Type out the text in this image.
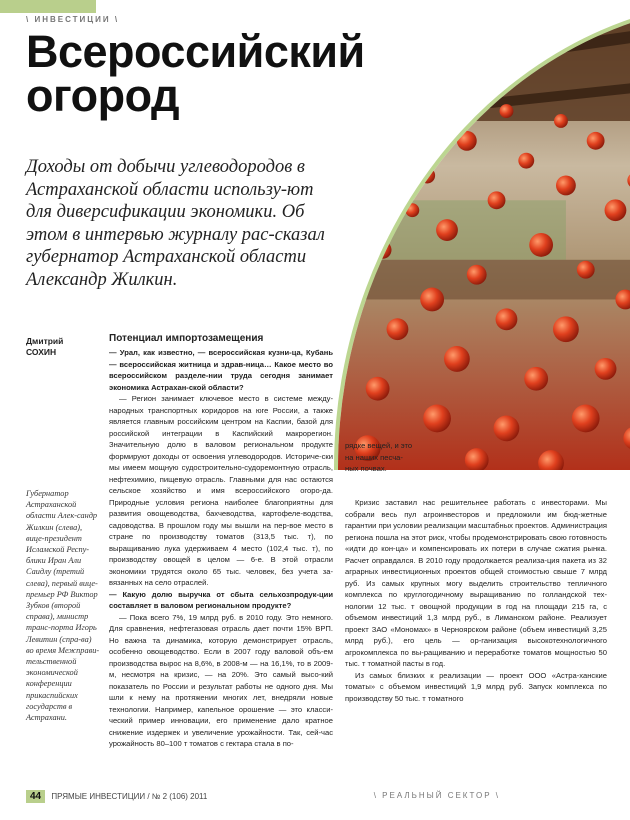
\ ИНВЕСТИЦИИ \
Всероссийский
огород

Доходы от добычи углеводородов в Астраханской области использу-ют для диверсификации экономики. Об этом в интервью журналу рас-сказал губернатор Астраханской области Александр Жилкин.

Дмитрий
СОХИН
Губернатор Астраханской области Алек-сандр Жилкин (слева), вице-президент Исламской Респу-блики Иран Али Саидлу (третий слева), первый вице-премьер РФ Виктор Зубков (второй справа), министр транс-порта Игорь Левитин (спра-ва) во время Межправи-тельственной экономической конференции прикаспийских государств в Астрахани.
Потенциал импортозамещения

— Урал, как известно, — всероссийская кузни-ца, Кубань — всероссийская житница и здрав-ница… Какое место во всероссийском разделе-нии труда сегодня занимает экономика Астрахан-ской области?

— Регион занимает ключевое место в системе между-народных транспортных коридоров на юге России, а также является главным российским центром на Каспии, базой для российской интеграции в Каспийский макрорегион. Значительную долю в валовом региональном продукте формируют доходы от освоения углеводородов. Историче-ски мы имеем мощную судостроительно-судоремонтную отрасль, нефтехимию, пищевую отрасль. Главными для нас остаются сельское хозяйство и имя всероссийского огоро-да. Природные условия региона наиболее благоприятны для развития овощеводства, бахчеводства, картофеле-водства, садоводства. В прошлом году мы вышли на пер-вое место в стране по производству томатов (313,5 тыс. т), по выращиванию лука удерживаем 4 место (102,4 тыс. т), по производству овощей в целом — 6-е. В этой отрасли экономики трудятся около 65 тыс. человек, без учета за-вязанных на село отраслей.

— Какую долю выручка от сбыта сельхозпродук-ции составляет в валовом региональном продукте?

— Пока всего 7%, 19 млрд руб. в 2010 году. Это немного. Для сравнения, нефтегазовая отрасль дает почти 15% ВРП. Но важна та динамика, которую демонстрирует отрасль, особенно овощеводство. Если в 2007 году валовой объ-ем производства вырос на 8,6%, в 2008-м — на 16,1%, то в 2009-м, несмотря на кризис, — на 20%. Это самый высо-кий показатель по России и результат работы не одного дня. Мы шли к нему на протяжении многих лет, внедряли новые технологии. Например, капельное орошение — это класси-ческий пример инновации, его применение дало кратное снижение издержек и увеличение урожайности. Так, сей-час урожайность 80–100 т томатов с гектара стала в по-

рядке вещей, и это на наших песча-ных почвах.

Кризис заставил нас решительнее работать с инвесторами. Мы собрали весь пул агроинвесторов и предложили им бюд-жетные гарантии при условии реализации масштабных проектов. Администрация региона пошла на этот риск, чтобы продемонстрировать свою готовность «идти до кон-ца» и компенсировать их потери в случае сжатия рынка. Расчет оправдался. В 2010 году продолжается реализа-ция пакета из 32 аграрных инвестиционных проектов общей стоимостью свыше 7 млрд руб. Из самых крупных могу выделить строительство тепличного комплекса по круглогодичному выращиванию по голландской тех-нологии 12 тыс. т овощной продукции в год на площади 215 га, с объемом инвестиций 1,3 млрд руб., в Лиманском районе. Реализует проект ЗАО «Мономах» в Черноярском районе (объем инвестиций 3,25 млрд руб.), его цель — ор-ганизация высокотехнологичного агрокомплекса по вы-ращиванию и переработке томатов мощностью 50 тыс. т томатной пасты в год.

Из самых близких к реализации — проект ООО «Астра-ханские томаты» с объемом инвестиций 1,9 млрд руб. Запуск комплекса по производству 50 тыс. т томатного

44 ПРЯМЫЕ ИНВЕСТИЦИИ / № 2 (106) 2011	\ РЕАЛЬНЫЙ СЕКТОР \
